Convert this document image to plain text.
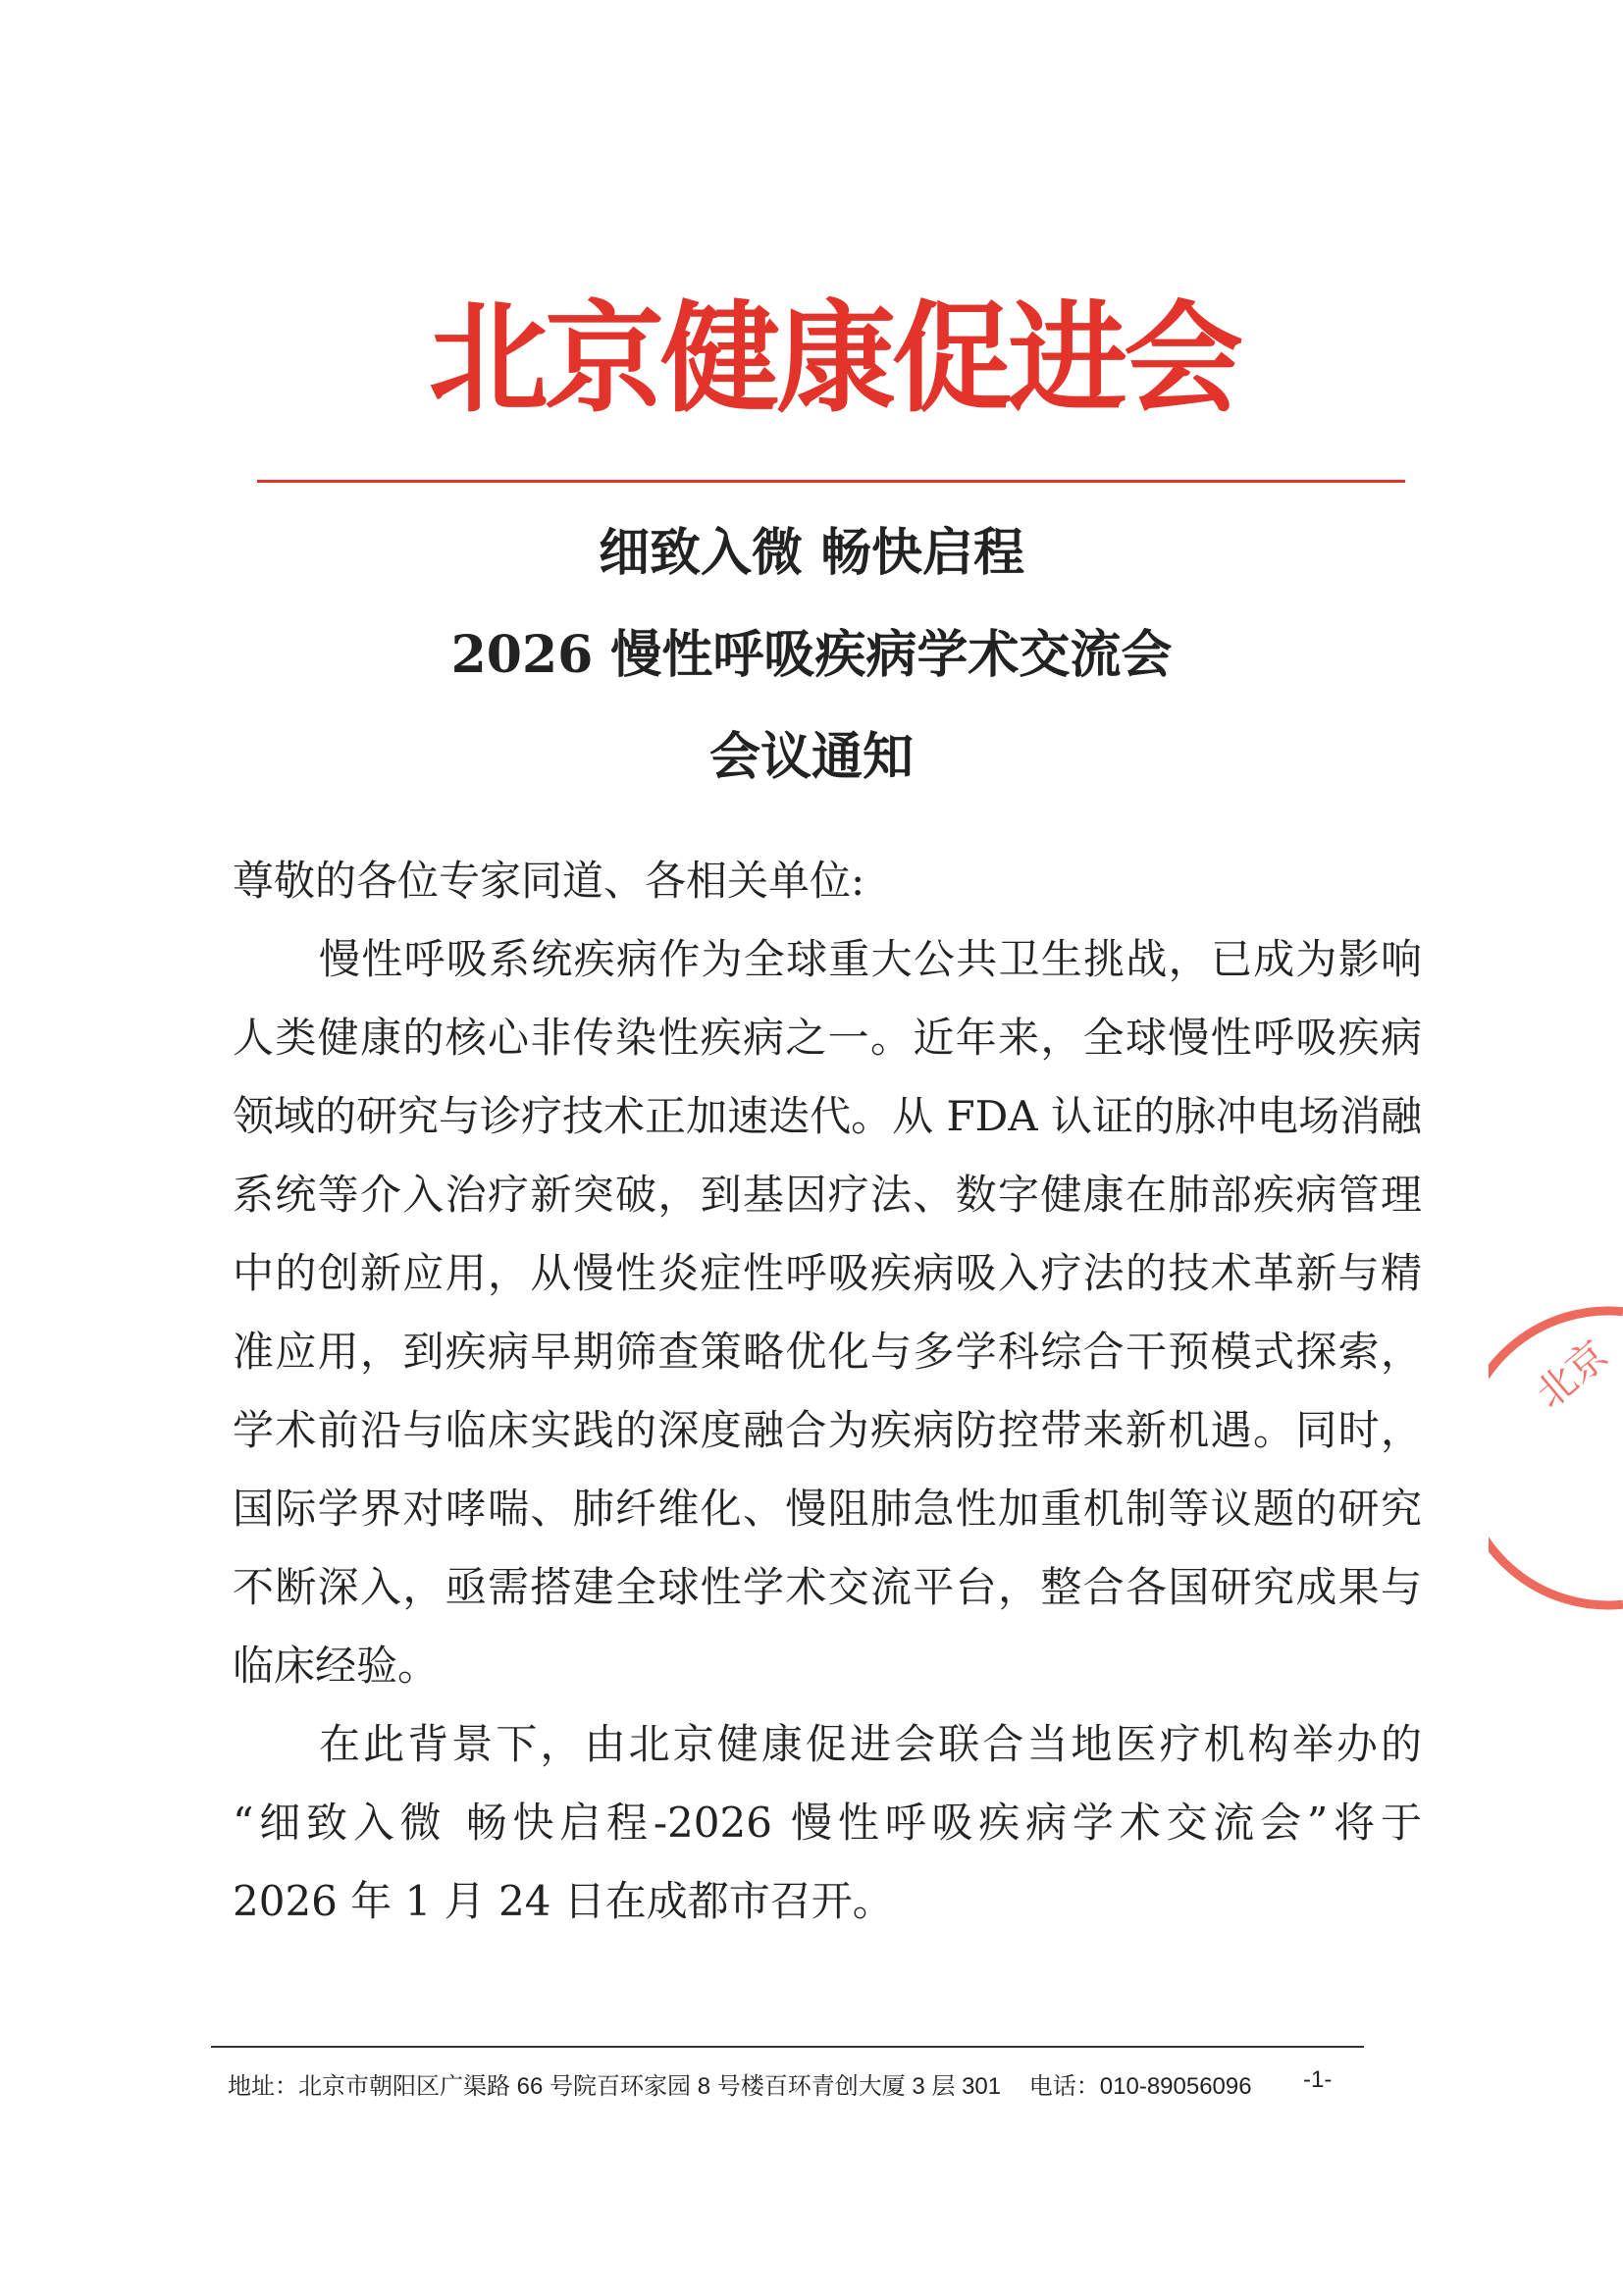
北京健康促进会
细致入微 畅快启程
2026 慢性呼吸疾病学术交流会
会议通知
尊敬的各位专家同道、各相关单位:
慢性呼吸系统疾病作为全球重大公共卫生挑战，已成为影响
人类健康的核心非传染性疾病之一。近年来，全球慢性呼吸疾病
领域的研究与诊疗技术正加速迭代。从 FDA 认证的脉冲电场消融
系统等介入治疗新突破，到基因疗法、数字健康在肺部疾病管理
中的创新应用，从慢性炎症性呼吸疾病吸入疗法的技术革新与精
准应用，到疾病早期筛查策略优化与多学科综合干预模式探索，
学术前沿与临床实践的深度融合为疾病防控带来新机遇。同时，
国际学界对哮喘、肺纤维化、慢阻肺急性加重机制等议题的研究
不断深入，亟需搭建全球性学术交流平台，整合各国研究成果与
临床经验。
在此背景下，由北京健康促进会联合当地医疗机构举办的
“细致入微 畅快启程-2026 慢性呼吸疾病学术交流会”将于
2026 年 1 月 24 日在成都市召开。
北京
地址：北京市朝阳区广渠路 66 号院百环家园 8 号楼百环青创大厦 3 层 301 电话：010-89056096	-1-
